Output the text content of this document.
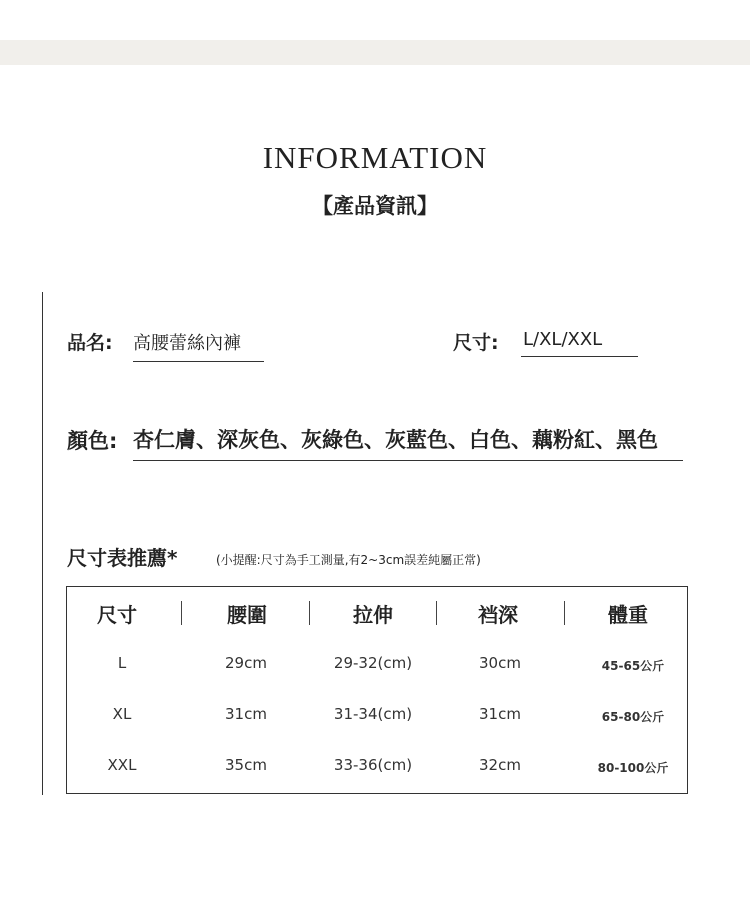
INFORMATION
【產品資訊】
品名: 高腰蕾絲內褲	尺寸: L/XL/XXL
顏色: 杏仁膚、深灰色、灰綠色、灰藍色、白色、藕粉紅、黑色
尺寸表推薦*	(小提醒:尺寸為手工測量,有2~3cm誤差純屬正常)
尺寸	腰圍	拉伸	裆深	體重
L	29cm	29-32(cm)	30cm	45-65公斤
XL	31cm	31-34(cm)	31cm	65-80公斤
XXL	35cm	33-36(cm)	32cm	80-100公斤
